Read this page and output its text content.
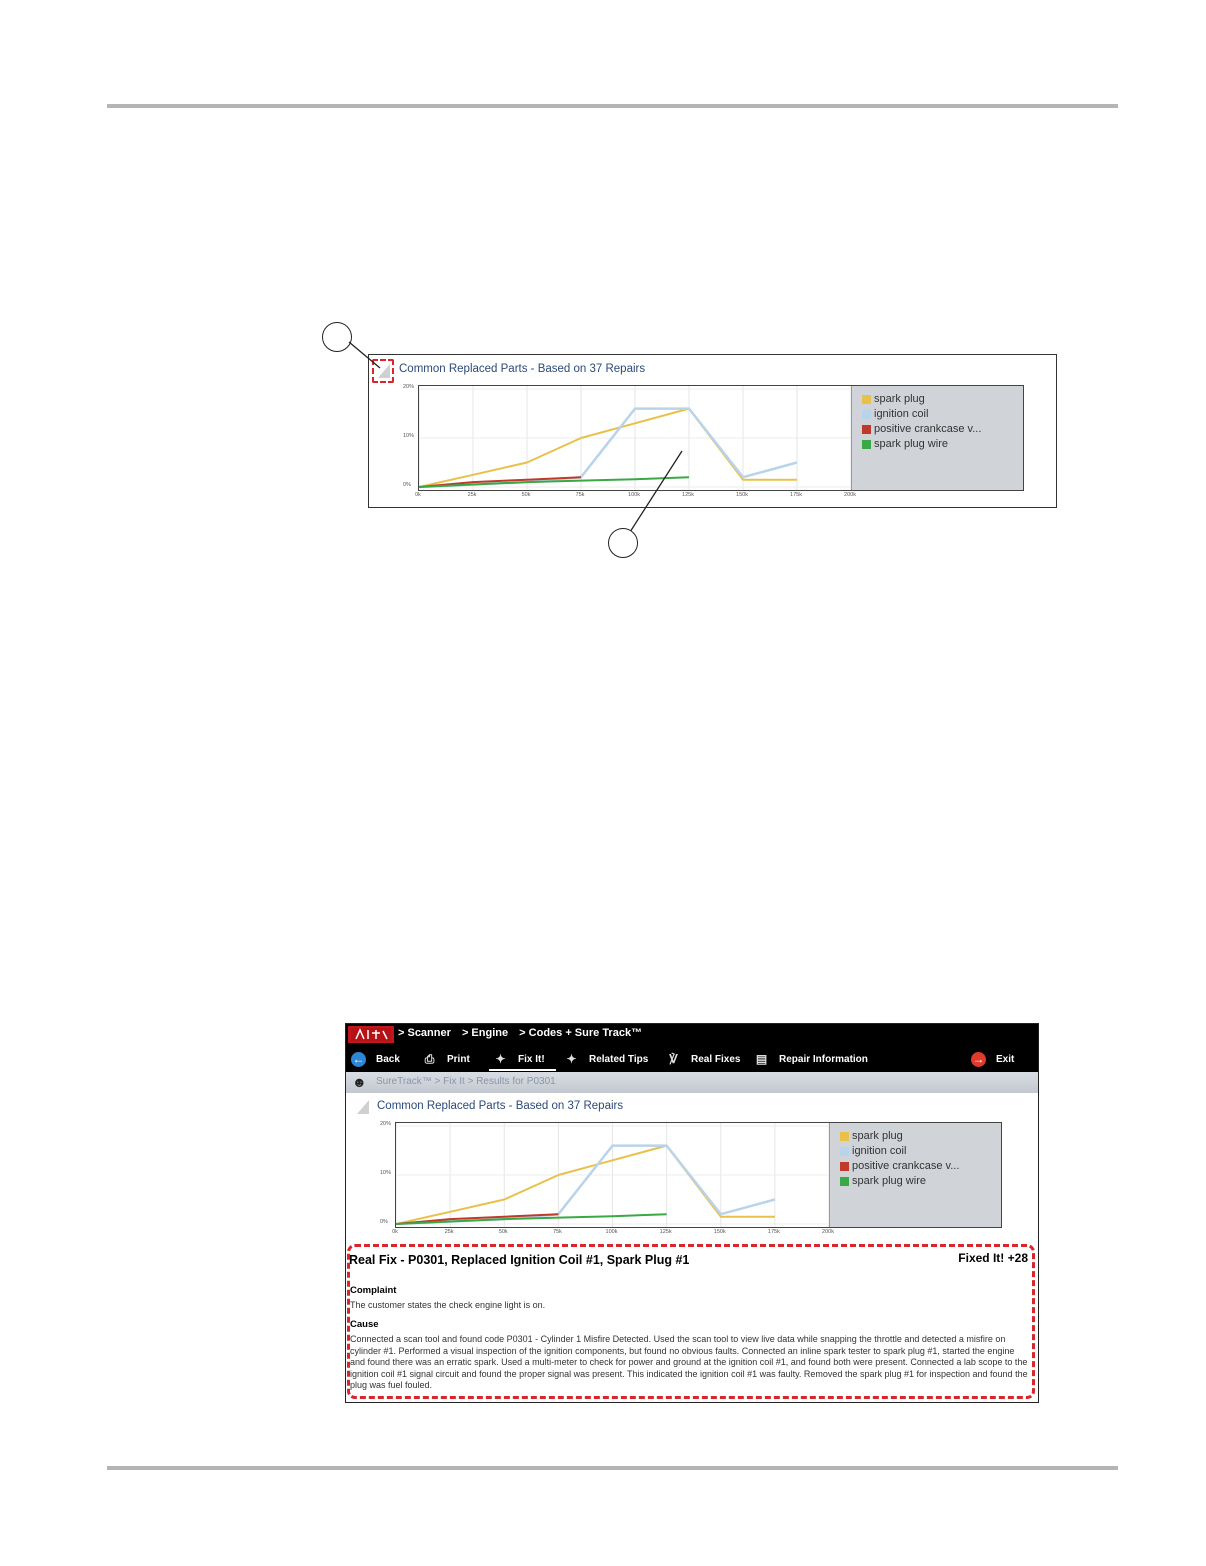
Common Replaced Parts - Based on 37 Repairs
spark plug
ignition coil
positive crankcase v...
spark plug wire
0%
10%
20%
0k	25k	50k	75k	100k	125k	150k	175k	200k
> Scanner > Engine > Codes + Sure Track™
← Back ⎙ Print ✦ Fix It! ✦ Related Tips ℣	Real Fixes ▤ Repair Information	→ Exit
☻ SureTrack™ > Fix It > Results for P0301
Common Replaced Parts - Based on 37 Repairs
spark plug
ignition coil
positive crankcase v...
spark plug wire
0%
10%
20%
0k	25k	50k	75k	100k	125k	150k	175k	200k
Real Fix - P0301, Replaced Ignition Coil #1, Spark Plug #1	Fixed It! +28
Complaint
The customer states the check engine light is on.
Cause
Connected a scan tool and found code P0301 - Cylinder 1 Misfire Detected. Used the scan tool to view live data while snapping the throttle and detected a misfire on cylinder #1. Performed a visual inspection of the ignition components, but found no obvious faults. Connected an inline spark tester to spark plug #1, started the engine and found there was an erratic spark. Used a multi-meter to check for power and ground at the ignition coil #1, and found both were present. Connected a lab scope to the ignition coil #1 signal circuit and found the proper signal was present. This indicated the ignition coil #1 was faulty. Removed the spark plug #1 for inspection and found the plug was fuel fouled.
